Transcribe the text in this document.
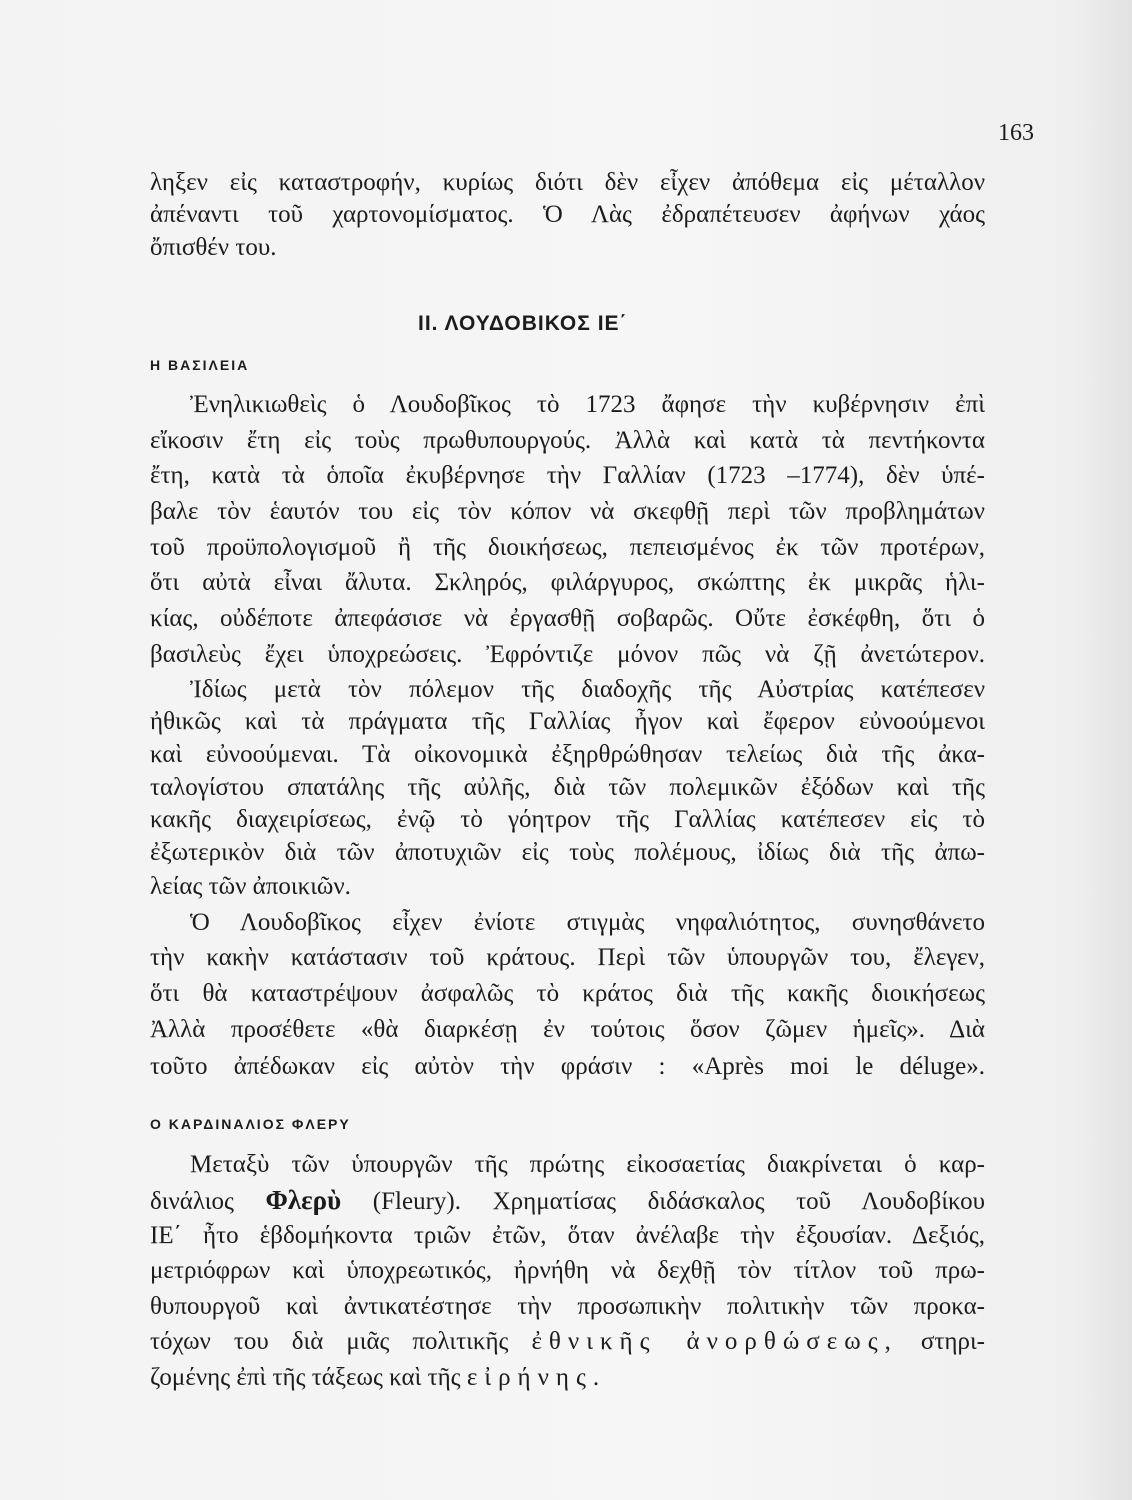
163
ληξεν εἰς καταστροφήν, κυρίως διότι δὲν εἶχεν ἀπόθεμα εἰς μέταλλον
ἀπέναντι τοῦ χαρτονομίσματος. Ὁ Λὰς ἐδραπέτευσεν ἀφήνων χάος
ὄπισθέν του.
ΙΙ. ΛΟΥΔΟΒΙΚΟΣ ΙΕ΄
Η ΒΑΣΙΛΕΙΑ
Ἐνηλικιωθεὶς ὁ Λουδοβῖκος τὸ 1723 ἄφησε τὴν κυβέρνησιν ἐπὶ
εἴκοσιν ἔτη εἰς τοὺς πρωθυπουργούς. Ἀλλὰ καὶ κατὰ τὰ πεντήκοντα
ἔτη, κατὰ τὰ ὁποῖα ἐκυβέρνησε τὴν Γαλλίαν (1723 –1774), δὲν ὑπέ-
βαλε τὸν ἑαυτόν του εἰς τὸν κόπον νὰ σκεφθῇ περὶ τῶν προβλημάτων
τοῦ προϋπολογισμοῦ ἢ τῆς διοικήσεως, πεπεισμένος ἐκ τῶν προτέρων,
ὅτι αὐτὰ εἶναι ἄλυτα. Σκληρός, φιλάργυρος, σκώπτης ἐκ μικρᾶς ἡλι-
κίας, οὐδέποτε ἀπεφάσισε νὰ ἐργασθῇ σοβαρῶς. Οὔτε ἐσκέφθη, ὅτι ὁ
βασιλεὺς ἔχει ὑποχρεώσεις. Ἐφρόντιζε μόνον πῶς νὰ ζῇ ἀνετώτερον.
Ἰδίως μετὰ τὸν πόλεμον τῆς διαδοχῆς τῆς Αὐστρίας κατέπεσεν
ἠθικῶς καὶ τὰ πράγματα τῆς Γαλλίας ἦγον καὶ ἔφερον εὐνοούμενοι
καὶ εὐνοούμεναι. Τὰ οἰκονομικὰ ἐξηρθρώθησαν τελείως διὰ τῆς ἀκα-
ταλογίστου σπατάλης τῆς αὐλῆς, διὰ τῶν πολεμικῶν ἐξόδων καὶ τῆς
κακῆς διαχειρίσεως, ἐνῷ τὸ γόητρον τῆς Γαλλίας κατέπεσεν εἰς τὸ
ἐξωτερικὸν διὰ τῶν ἀποτυχιῶν εἰς τοὺς πολέμους, ἰδίως διὰ τῆς ἀπω-
λείας τῶν ἀποικιῶν.
Ὁ Λουδοβῖκος εἶχεν ἐνίοτε στιγμὰς νηφαλιότητος, συνησθάνετο
τὴν κακὴν κατάστασιν τοῦ κράτους. Περὶ τῶν ὑπουργῶν του, ἔλεγεν,
ὅτι θὰ καταστρέψουν ἀσφαλῶς τὸ κράτος διὰ τῆς κακῆς διοικήσεως
Ἀλλὰ προσέθετε «θὰ διαρκέσῃ ἐν τούτοις ὅσον ζῶμεν ἡμεῖς». Διὰ
τοῦτο ἀπέδωκαν εἰς αὐτὸν τὴν φράσιν : «Après moi le déluge».
Ο ΚΑΡΔΙΝΑΛΙΟΣ ΦΛΕΡΥ
Μεταξὺ τῶν ὑπουργῶν τῆς πρώτης εἰκοσαετίας διακρίνεται ὁ καρ-
δινάλιος Φλερὺ (Fleury). Χρηματίσας διδάσκαλος τοῦ Λουδοβίκου
ΙΕ΄ ἦτο ἑβδομήκοντα τριῶν ἐτῶν, ὅταν ἀνέλαβε τὴν ἐξουσίαν. Δεξιός,
μετριόφρων καὶ ὑποχρεωτικός, ἠρνήθη νὰ δεχθῇ τὸν τίτλον τοῦ πρω-
θυπουργοῦ καὶ ἀντικατέστησε τὴν προσωπικὴν πολιτικὴν τῶν προκα-
τόχων του διὰ μιᾶς πολιτικῆς ἐθνικῆς ἀνορθώσεως, στηρι-
ζομένης ἐπὶ τῆς τάξεως καὶ τῆς εἰρήνης.
